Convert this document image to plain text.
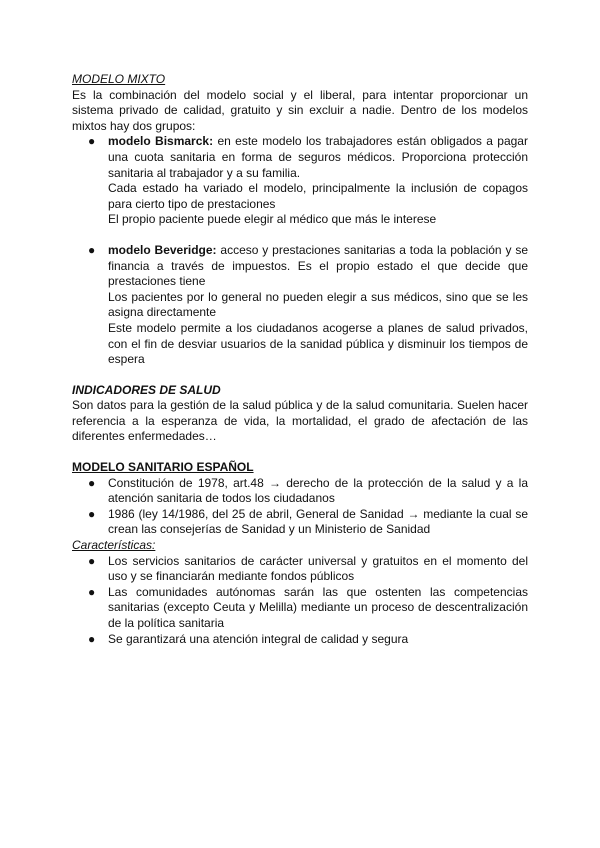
MODELO MIXTO

Es la combinación del modelo social y el liberal, para intentar proporcionar un sistema privado de calidad, gratuito y sin excluir a nadie. Dentro de los modelos mixtos hay dos grupos:

● modelo Bismarck: en este modelo los trabajadores están obligados a pagar una cuota sanitaria en forma de seguros médicos. Proporciona protección sanitaria al trabajador y a su familia.

Cada estado ha variado el modelo, principalmente la inclusión de copagos para cierto tipo de prestaciones

El propio paciente puede elegir al médico que más le interese

● modelo Beveridge: acceso y prestaciones sanitarias a toda la población y se financia a través de impuestos. Es el propio estado el que decide que prestaciones tiene

Los pacientes por lo general no pueden elegir a sus médicos, sino que se les asigna directamente

Este modelo permite a los ciudadanos acogerse a planes de salud privados, con el fin de desviar usuarios de la sanidad pública y disminuir los tiempos de espera

INDICADORES DE SALUD

Son datos para la gestión de la salud pública y de la salud comunitaria. Suelen hacer referencia a la esperanza de vida, la mortalidad, el grado de afectación de las diferentes enfermedades…

MODELO SANITARIO ESPAÑOL
● Constitución de 1978, art.48 → derecho de la protección de la salud y a la atención sanitaria de todos los ciudadanos

● 1986 (ley 14/1986, del 25 de abril, General de Sanidad → mediante la cual se crean las consejerías de Sanidad y un Ministerio de Sanidad

Características:
● Los servicios sanitarios de carácter universal y gratuitos en el momento del uso y se financiarán mediante fondos públicos

● Las comunidades autónomas sarán las que ostenten las competencias sanitarias (excepto Ceuta y Melilla) mediante un proceso de descentralización de la política sanitaria

● Se garantizará una atención integral de calidad y segura
